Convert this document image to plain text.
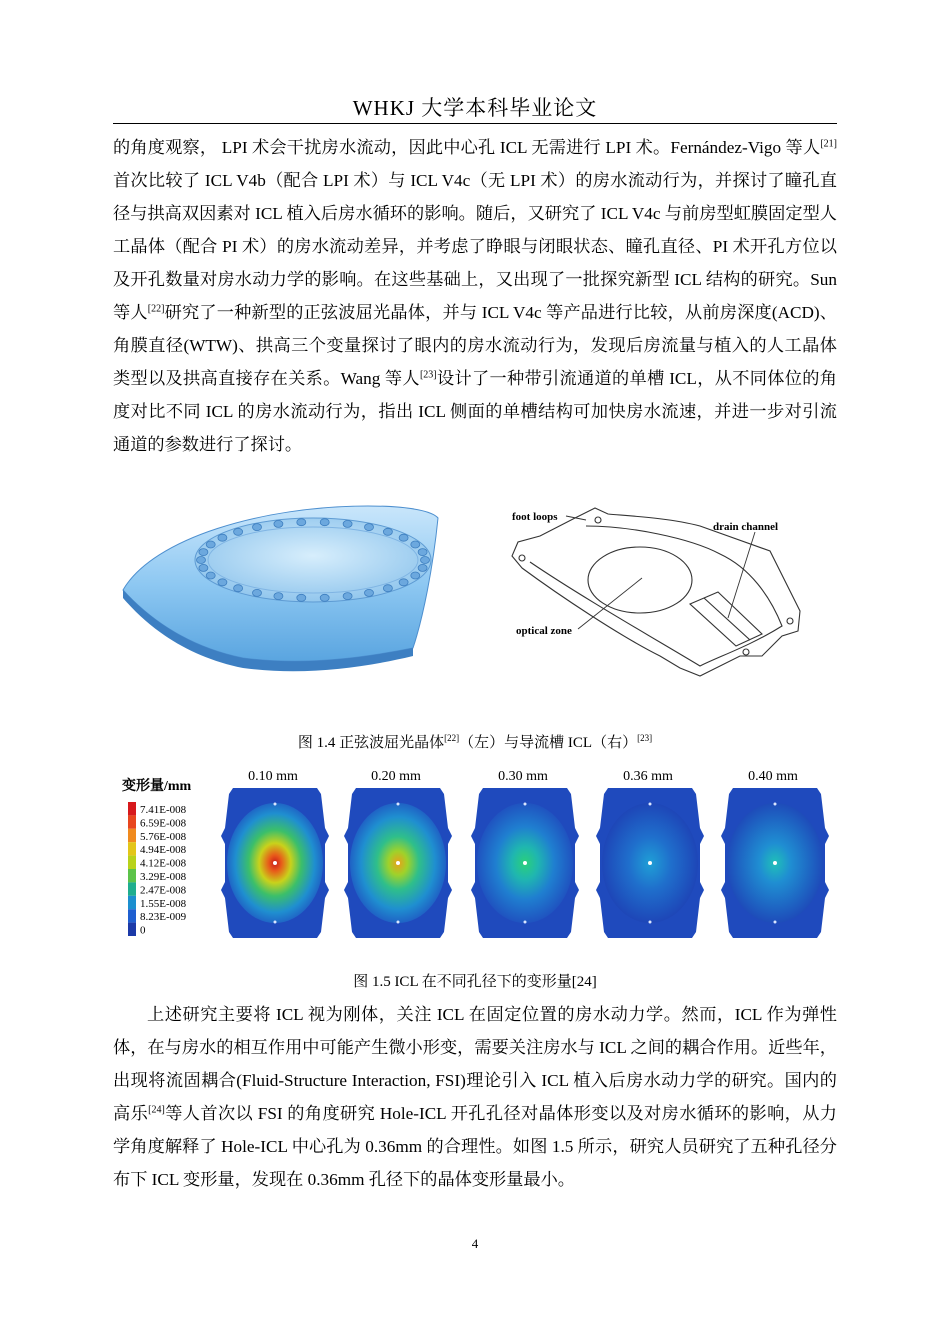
WHKJ 大学本科毕业论文

的角度观察， LPI 术会干扰房水流动，因此中心孔 ICL 无需进行 LPI 术。Fernández-Vigo 等人[21]首次比较了 ICL V4b（配合 LPI 术）与 ICL V4c（无 LPI 术）的房水流动行为，并探讨了瞳孔直径与拱高双因素对 ICL 植入后房水循环的影响。随后，又研究了 ICL V4c 与前房型虹膜固定型人工晶体（配合 PI 术）的房水流动差异，并考虑了睁眼与闭眼状态、瞳孔直径、PI 术开孔方位以及开孔数量对房水动力学的影响。在这些基础上，又出现了一批探究新型 ICL 结构的研究。Sun 等人[22]研究了一种新型的正弦波屈光晶体，并与 ICL V4c 等产品进行比较，从前房深度(ACD)、角膜直径(WTW)、拱高三个变量探讨了眼内的房水流动行为，发现后房流量与植入的人工晶体类型以及拱高直接存在关系。Wang 等人[23]设计了一种带引流通道的单槽 ICL，从不同体位的角度对比不同 ICL 的房水流动行为，指出 ICL 侧面的单槽结构可加快房水流速，并进一步对引流通道的参数进行了探讨。

foot loops
drain channel
optical zone
图 1.4 正弦波屈光晶体[22]（左）与导流槽 ICL（右）[23]
变形量/mm
7.41E-008
6.59E-008
5.76E-008
4.94E-008
4.12E-008
3.29E-008
2.47E-008
1.55E-008
8.23E-009
0
0.10 mm	0.20 mm	0.30 mm	0.36 mm	0.40 mm
图 1.5 ICL 在不同孔径下的变形量[24]

上述研究主要将 ICL 视为刚体，关注 ICL 在固定位置的房水动力学。然而，ICL 作为弹性体，在与房水的相互作用中可能产生微小形变，需要关注房水与 ICL 之间的耦合作用。近些年，出现将流固耦合(Fluid-Structure Interaction, FSI)理论引入 ICL 植入后房水动力学的研究。国内的高乐[24]等人首次以 FSI 的角度研究 Hole-ICL 开孔孔径对晶体形变以及对房水循环的影响，从力学角度解释了 Hole-ICL 中心孔为 0.36mm 的合理性。如图 1.5 所示，研究人员研究了五种孔径分布下 ICL 变形量，发现在 0.36mm 孔径下的晶体变形量最小。

4
